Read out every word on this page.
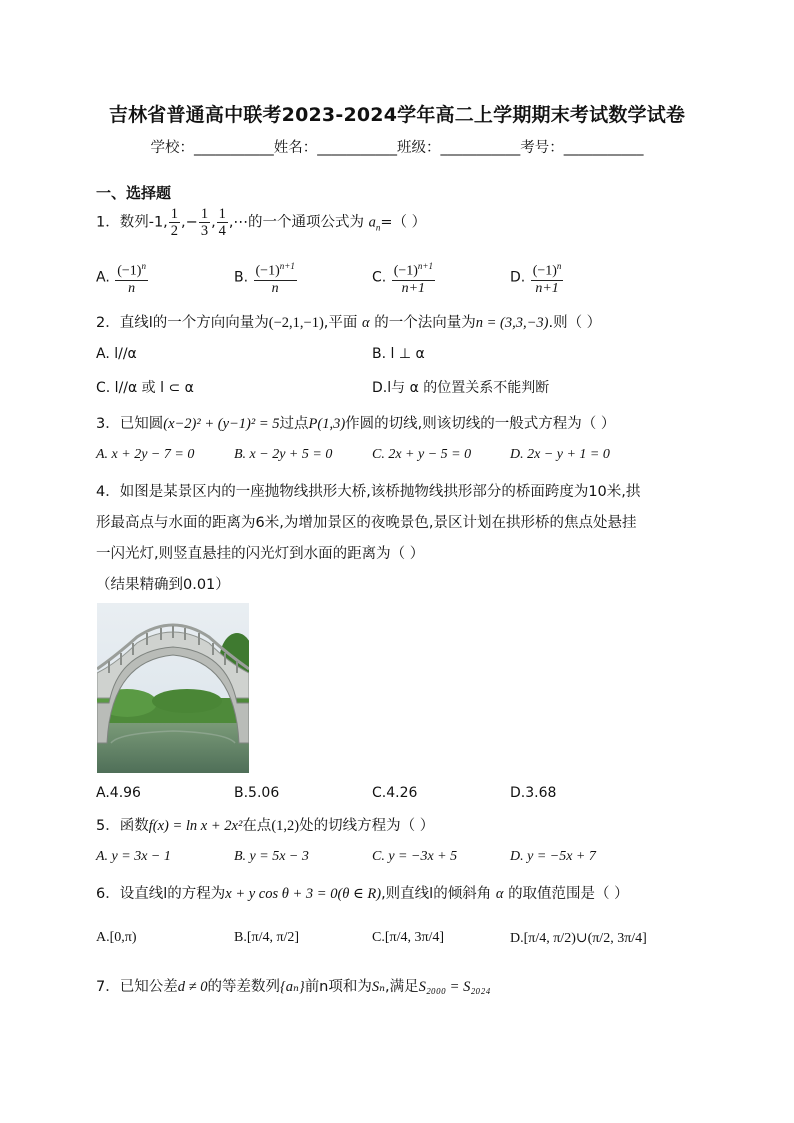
吉林省普通高中联考2023-2024学年高二上学期期末考试数学试卷
学校：___________姓名：___________班级：___________考号：___________
一、选择题
1．数列-1, $\frac{1}{2}$ ,− $\frac{1}{3}$ , $\frac{1}{4}$ ,⋯的一个通项公式为 $a_n=$（ ）
A. $\frac{(-1)^n}{n}$	B. $\frac{(-1)^{n+1}}{n}$	C. $\frac{(-1)^{n+1}}{n+1}$	D. $\frac{(-1)^n}{n+1}$
2．直线l的一个方向向量为(−2,1,−1),平面 α 的一个法向量为n = (3,3,−3).则（ ）
A. l//α	B. l ⊥ α
C. l//α 或 l ⊂ α	D.l与 α 的位置关系不能判断
3．已知圆(x−2)² + (y−1)² = 5过点P(1,3)作圆的切线,则该切线的一般式方程为（ ）
A. x + 2y − 7 = 0	B. x − 2y + 5 = 0	C. 2x + y − 5 = 0	D. 2x − y + 1 = 0
4．如图是某景区内的一座抛物线拱形大桥,该桥抛物线拱形部分的桥面跨度为10米,拱
形最高点与水面的距离为6米,为增加景区的夜晚景色,景区计划在拱形桥的焦点处悬挂
一闪光灯,则竖直悬挂的闪光灯到水面的距离为（ ）
（结果精确到0.01）
A.4.96	B.5.06	C.4.26	D.3.68
5．函数f(x) = ln x + 2x²在点(1,2)处的切线方程为（ ）
A. y = 3x − 1	B. y = 5x − 3	C. y = −3x + 5	D. y = −5x + 7
6．设直线l的方程为x + y cos θ + 3 = 0(θ ∈ R),则直线l的倾斜角 α 的取值范围是（ ）
A.[0,π)	B.[π/4, π/2]	C.[π/4, 3π/4]	D.[π/4, π/2)∪(π/2, 3π/4]
7．已知公差d ≠ 0的等差数列{aₙ}前n项和为Sₙ,满足S₂₀₀₀ = S₂₀₂₄
